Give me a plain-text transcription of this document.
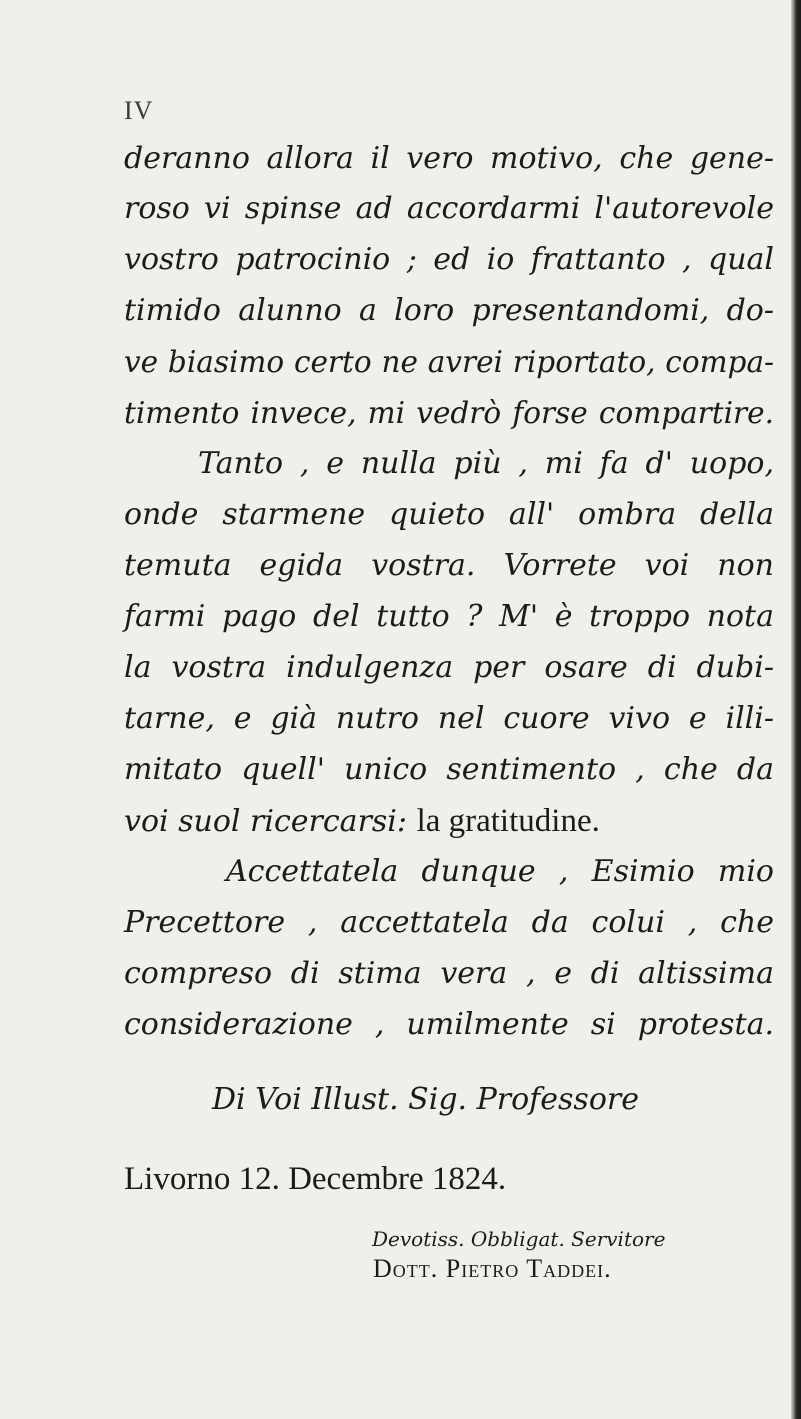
IV
deranno allora il vero motivo, che gene-
roso vi spinse ad accordarmi l'autorevole
vostro patrocinio ; ed io frattanto , qual
timido alunno a loro presentandomi, do-
ve biasimo certo ne avrei riportato, compa-
timento invece, mi vedrò forse compartire.
Tanto , e nulla più , mi fa d' uopo,
onde starmene quieto all' ombra della
temuta egida vostra. Vorrete voi non
farmi pago del tutto ? M' è troppo nota
la vostra indulgenza per osare di dubi-
tarne, e già nutro nel cuore vivo e illi-
mitato quell' unico sentimento , che da
voi suol ricercarsi: la gratitudine.
Accettatela dunque , Esimio mio
Precettore , accettatela da colui , che
compreso di stima vera , e di altissima
considerazione , umilmente si protesta.
Di Voi Illust. Sig. Professore
Livorno 12. Decembre 1824.
Devotiss. Obbligat. Servitore
Dott. Pietro Taddei.
